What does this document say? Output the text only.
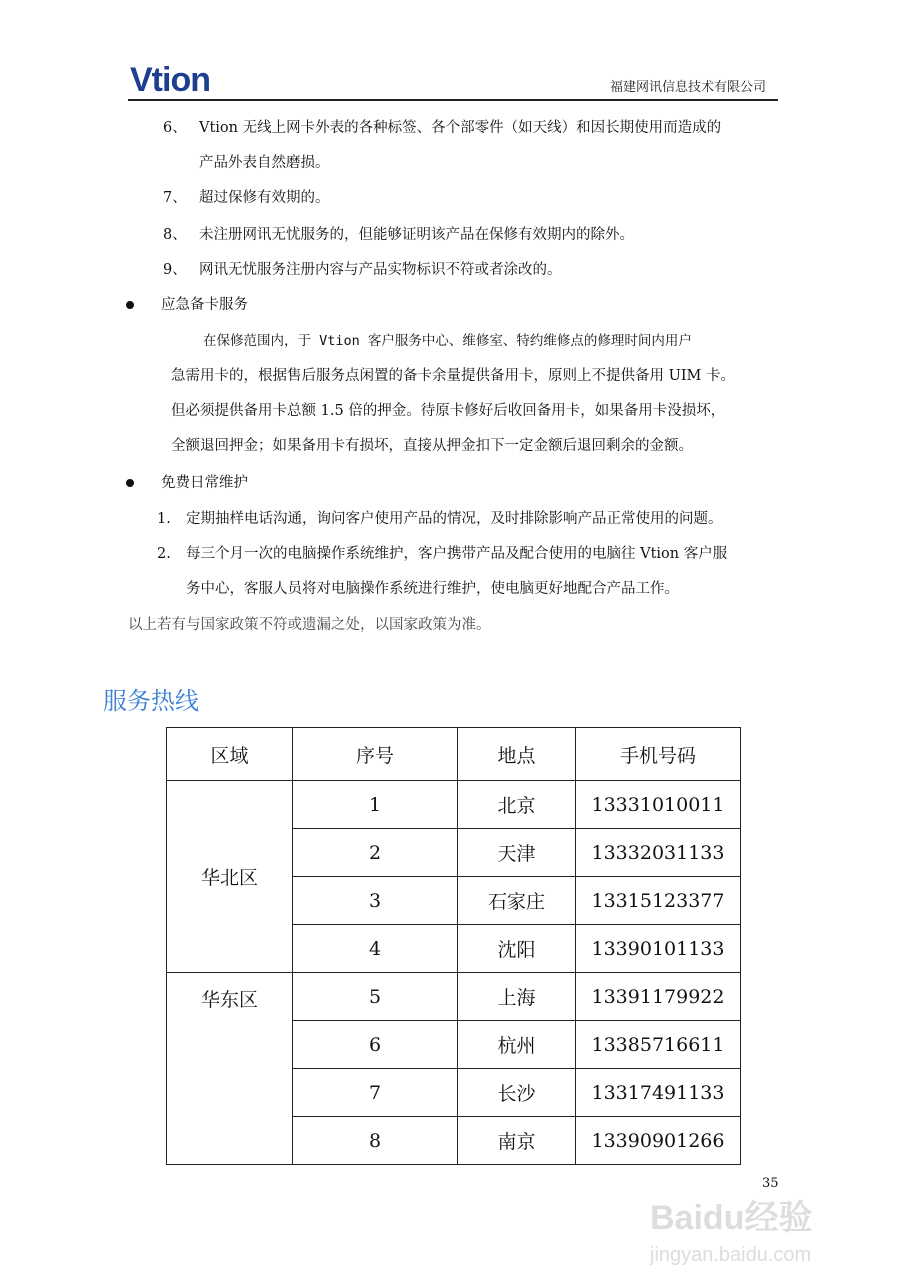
Vtion	福建网讯信息技术有限公司
6、 Vtion 无线上网卡外表的各种标签、各个部零件（如天线）和因长期使用而造成的
产品外表自然磨损。
7、 超过保修有效期的。
8、 未注册网讯无忧服务的，但能够证明该产品在保修有效期内的除外。
9、 网讯无忧服务注册内容与产品实物标识不符或者涂改的。
应急备卡服务
在保修范围内，于 Vtion 客户服务中心、维修室、特约维修点的修理时间内用户
急需用卡的，根据售后服务点闲置的备卡余量提供备用卡，原则上不提供备用 UIM 卡。
但必须提供备用卡总额 1.5 倍的押金。待原卡修好后收回备用卡，如果备用卡没损坏，
全额退回押金；如果备用卡有损坏，直接从押金扣下一定金额后退回剩余的金额。
免费日常维护
1. 定期抽样电话沟通，询问客户使用产品的情况，及时排除影响产品正常使用的问题。
2. 每三个月一次的电脑操作系统维护，客户携带产品及配合使用的电脑往 Vtion 客户服
务中心，客服人员将对电脑操作系统进行维护，使电脑更好地配合产品工作。
以上若有与国家政策不符或遗漏之处，以国家政策为准。
服务热线
区域	序号	地点	手机号码
华北区	1	北京	13331010011
	2	天津	13332031133
	3	石家庄	13315123377
	4	沈阳	13390101133
华东区	5	上海	13391179922
	6	杭州	13385716611
	7	长沙	13317491133
	8	南京	13390901266
35
Baidu经验
jingyan.baidu.com
